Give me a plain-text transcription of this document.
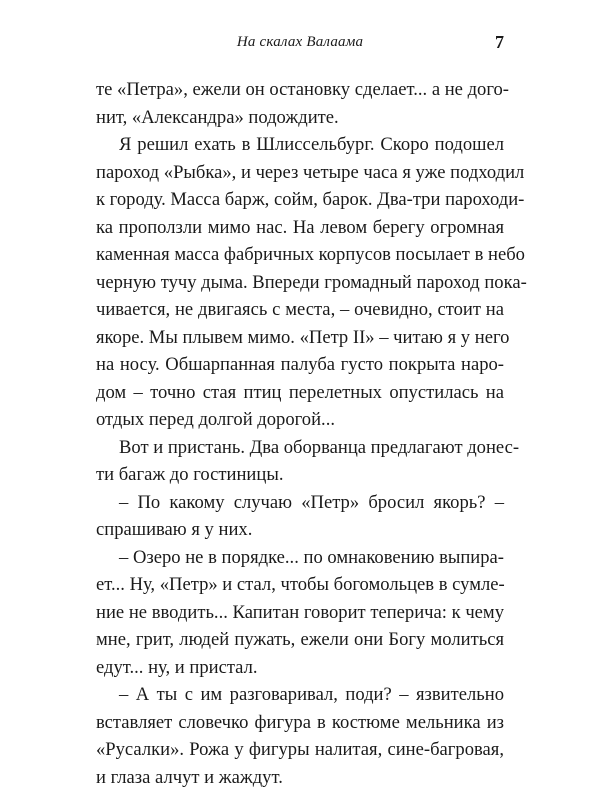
На скалах Валаама	7
те «Петра», ежели он остановку сделает... а не дого-
нит, «Александра» подождите.
Я решил ехать в Шлиссельбург. Скоро подошел
пароход «Рыбка», и через четыре часа я уже подходил
к городу. Масса барж, сойм, барок. Два-три пароходи-
ка проползли мимо нас. На левом берегу огромная
каменная масса фабричных корпусов посылает в небо
черную тучу дыма. Впереди громадный пароход пока-
чивается, не двигаясь с места, – очевидно, стоит на
якоре. Мы плывем мимо. «Петр II» – читаю я у него
на носу. Обшарпанная палуба густо покрыта наро-
дом – точно стая птиц перелетных опустилась на
отдых перед долгой дорогой...
Вот и пристань. Два оборванца предлагают донес-
ти багаж до гостиницы.
– По какому случаю «Петр» бросил якорь? –
спрашиваю я у них.
– Озеро не в порядке... по омнаковению выпира-
ет... Ну, «Петр» и стал, чтобы богомольцев в сумле-
ние не вводить... Капитан говорит теперича: к чему
мне, грит, людей пужать, ежели они Богу молиться
едут... ну, и пристал.
– А ты с им разговаривал, поди? – язвительно
вставляет словечко фигура в костюме мельника из
«Русалки». Рожа у фигуры налитая, сине-багровая,
и глаза алчут и жаждут.
